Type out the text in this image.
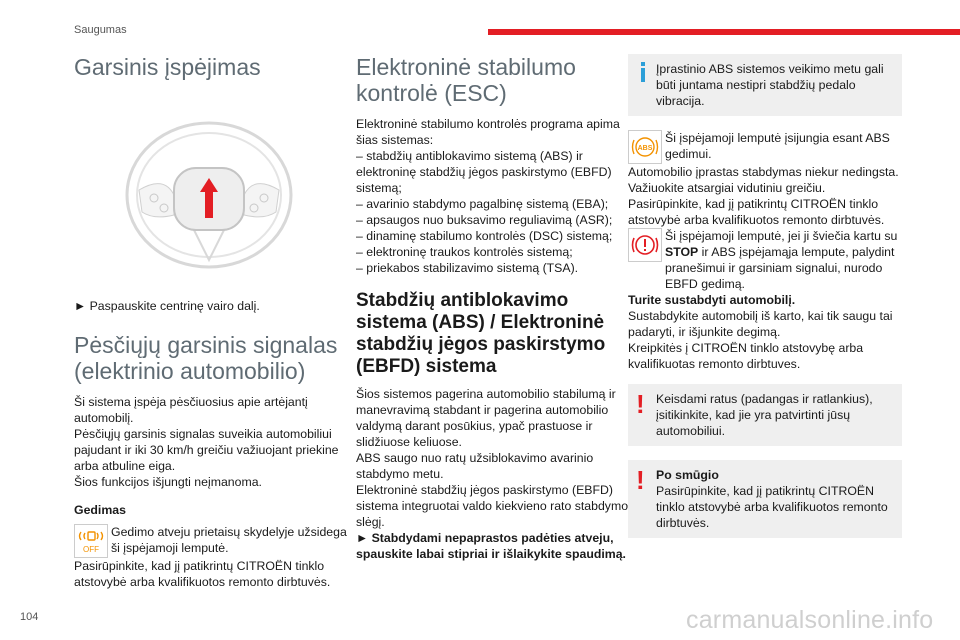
Saugumas
104	carmanualsonline.info
Garsinis įspėjimas

► Paspauskite centrinę vairo dalį.

Pėsčiųjų garsinis signalas (elektrinio automobilio)

Ši sistema įspėja pėsčiuosius apie artėjantį automobilį.
Pėsčiųjų garsinis signalas suveikia automobiliui pajudant ir iki 30 km/h greičiu važiuojant priekine arba atbuline eiga.
Šios funkcijos išjungti neįmanoma.

Gedimas
OFF

Gedimo atveju prietaisų skydelyje užsidega ši įspėjamoji lemputė.

Pasirūpinkite, kad jį patikrintų CITROËN tinklo atstovybė arba kvalifikuotos remonto dirbtuvės.

Elektroninė stabilumo kontrolė (ESC)

Elektroninė stabilumo kontrolės programa apima šias sistemas:
– stabdžių antiblokavimo sistemą (ABS) ir elektroninę stabdžių jėgos paskirstymo (EBFD) sistemą;
– avarinio stabdymo pagalbinę sistemą (EBA);
– apsaugos nuo buksavimo reguliavimą (ASR);
– dinaminę stabilumo kontrolės (DSC) sistemą;
– elektroninę traukos kontrolės sistemą;
– priekabos stabilizavimo sistemą (TSA).

Stabdžių antiblokavimo sistema (ABS) / Elektroninė stabdžių jėgos paskirstymo (EBFD) sistema

Šios sistemos pagerina automobilio stabilumą ir manevravimą stabdant ir pagerina automobilio valdymą darant posūkius, ypač prastuose ir slidžiuose keliuose.
ABS saugo nuo ratų užsiblokavimo avarinio stabdymo metu.
Elektroninė stabdžių jėgos paskirstymo (EBFD) sistema integruotai valdo kiekvieno rato stabdymo slėgį.

► Stabdydami nepaprastos padėties atveju, spauskite labai stipriai ir išlaikykite spaudimą.

Įprastinio ABS sistemos veikimo metu gali būti juntama nestipri stabdžių pedalo vibracija.

ABS

Ši įspėjamoji lemputė įsijungia esant ABS gedimui.

Automobilio įprastas stabdymas niekur nedingsta. Važiuokite atsargiai vidutiniu greičiu.
Pasirūpinkite, kad jį patikrintų CITROËN tinklo atstovybė arba kvalifikuotos remonto dirbtuvės.

Ši įspėjamoji lemputė, jei ji šviečia kartu su STOP ir ABS įspėjamąja lempute, palydint pranešimui ir garsiniam signalui, nurodo EBFD gedimą.

Turite sustabdyti automobilį.

Sustabdykite automobilį iš karto, kai tik saugu tai padaryti, ir išjunkite degimą.
Kreipkitės į CITROËN tinklo atstovybę arba kvalifikuotas remonto dirbtuves.

! Keisdami ratus (padangas ir ratlankius), įsitikinkite, kad jie yra patvirtinti jūsų automobiliui.

! Po smūgio

Pasirūpinkite, kad jį patikrintų CITROËN tinklo atstovybė arba kvalifikuotos remonto dirbtuvės.
